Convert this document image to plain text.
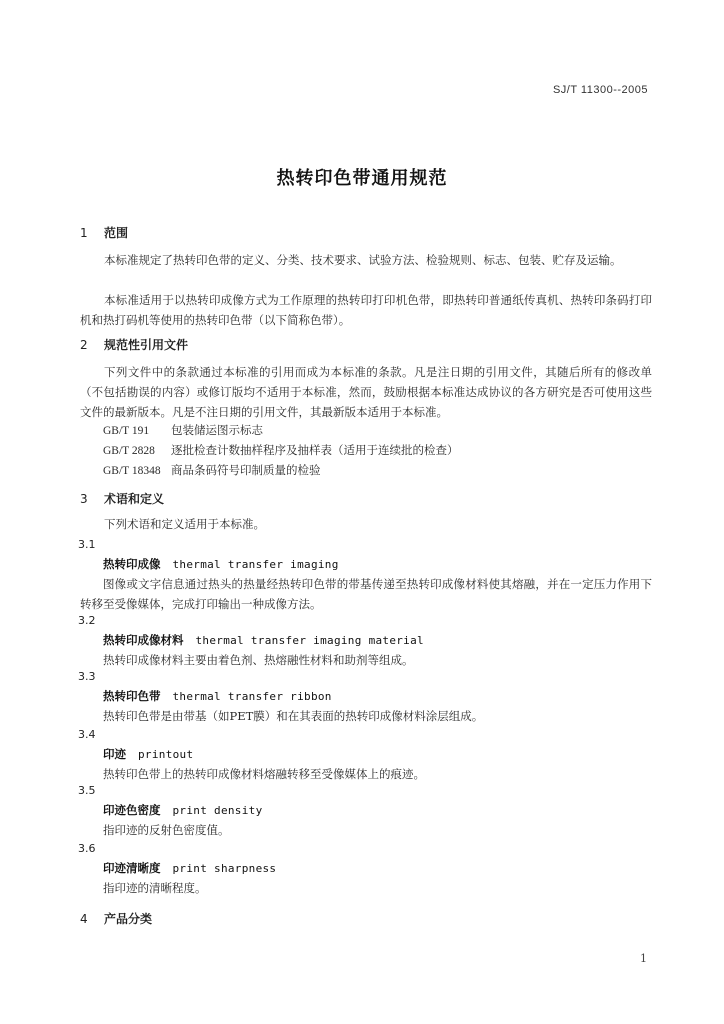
SJ/T 11300--2005
热转印色带通用规范
1 范围
本标准规定了热转印色带的定义、分类、技术要求、试验方法、检验规则、标志、包装、贮存及运输。
本标准适用于以热转印成像方式为工作原理的热转印打印机色带，即热转印普通纸传真机、热转印条码打印机和热打码机等使用的热转印色带（以下简称色带）。
2 规范性引用文件
下列文件中的条款通过本标准的引用而成为本标准的条款。凡是注日期的引用文件，其随后所有的修改单（不包括勘误的内容）或修订版均不适用于本标准，然而，鼓励根据本标准达成协议的各方研究是否可使用这些文件的最新版本。凡是不注日期的引用文件，其最新版本适用于本标准。
GB/T 191 包装储运图示标志
GB/T 2828 逐批检查计数抽样程序及抽样表（适用于连续批的检查）
GB/T 18348 商品条码符号印制质量的检验
3 术语和定义
下列术语和定义适用于本标准。
3.1
热转印成像 thermal transfer imaging
图像或文字信息通过热头的热量经热转印色带的带基传递至热转印成像材料使其熔融，并在一定压力作用下转移至受像媒体，完成打印输出一种成像方法。
3.2
热转印成像材料 thermal transfer imaging material
热转印成像材料主要由着色剂、热熔融性材料和助剂等组成。
3.3
热转印色带 thermal transfer ribbon
热转印色带是由带基（如PET膜）和在其表面的热转印成像材料涂层组成。
3.4
印迹 printout
热转印色带上的热转印成像材料熔融转移至受像媒体上的痕迹。
3.5
印迹色密度 print density
指印迹的反射色密度值。
3.6
印迹清晰度 print sharpness
指印迹的清晰程度。
4 产品分类
1
